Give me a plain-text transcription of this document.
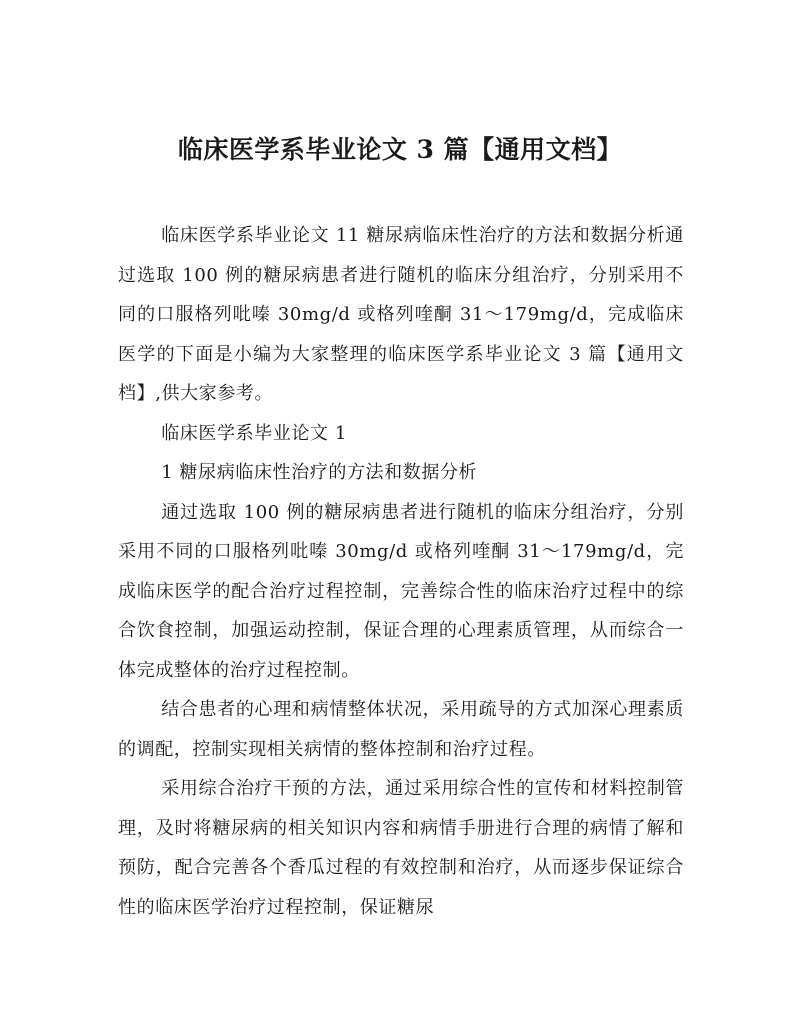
临床医学系毕业论文 3 篇【通用文档】

临床医学系毕业论文 11 糖尿病临床性治疗的方法和数据分析通过选取 100 例的糖尿病患者进行随机的临床分组治疗，分别采用不同的口服格列吡嗪 30mg/d 或格列喹酮 31～179mg/d，完成临床医学的下面是小编为大家整理的临床医学系毕业论文 3 篇【通用文档】,供大家参考。

临床医学系毕业论文 1

1 糖尿病临床性治疗的方法和数据分析

通过选取 100 例的糖尿病患者进行随机的临床分组治疗，分别采用不同的口服格列吡嗪 30mg/d 或格列喹酮 31～179mg/d，完成临床医学的配合治疗过程控制，完善综合性的临床治疗过程中的综合饮食控制，加强运动控制，保证合理的心理素质管理，从而综合一体完成整体的治疗过程控制。

结合患者的心理和病情整体状况，采用疏导的方式加深心理素质的调配，控制实现相关病情的整体控制和治疗过程。

采用综合治疗干预的方法，通过采用综合性的宣传和材料控制管理，及时将糖尿病的相关知识内容和病情手册进行合理的病情了解和预防，配合完善各个香瓜过程的有效控制和治疗，从而逐步保证综合性的临床医学治疗过程控制，保证糖尿
